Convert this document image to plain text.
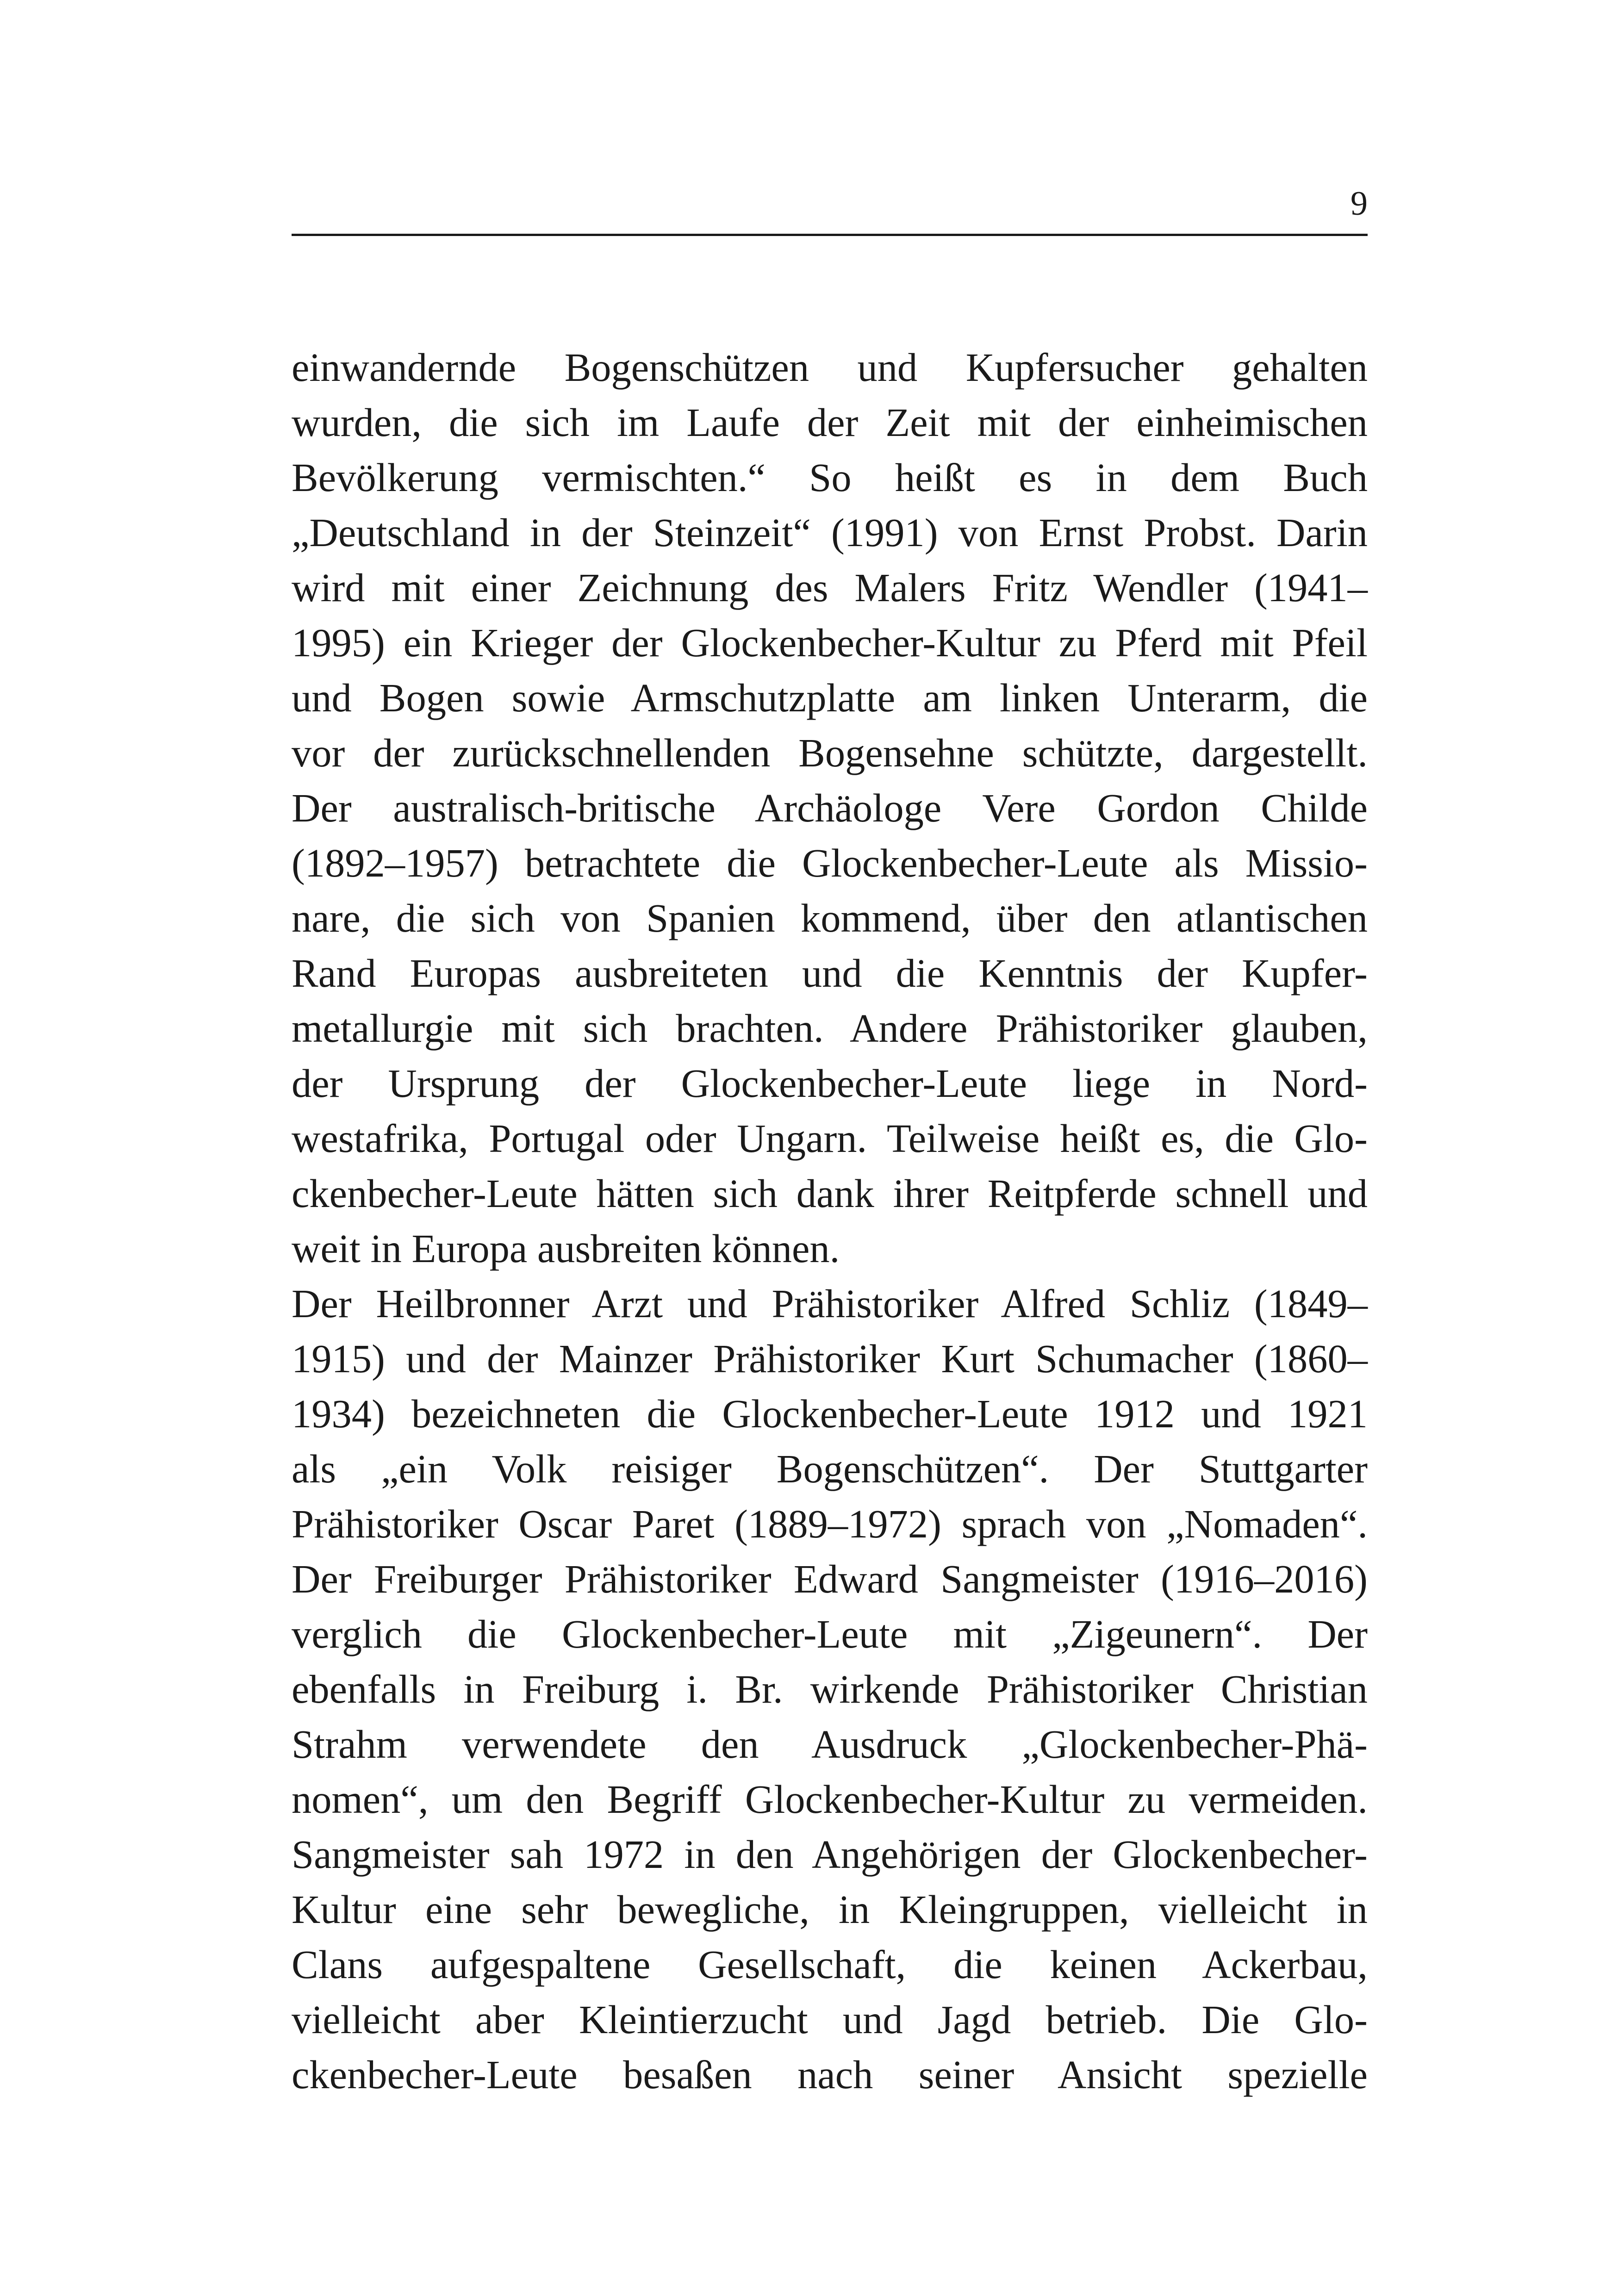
9
einwandernde Bogenschützen und Kupfersucher gehalten
wurden, die sich im Laufe der Zeit mit der einheimischen
Bevölkerung vermischten.“ So heißt es in dem Buch
„Deutschland in der Steinzeit“ (1991) von Ernst Probst. Darin
wird mit einer Zeichnung des Malers Fritz Wendler (1941–
1995) ein Krieger der Glockenbecher-Kultur zu Pferd mit Pfeil
und Bogen sowie Armschutzplatte am linken Unterarm, die
vor der zurückschnellenden Bogensehne schützte, dargestellt.
Der australisch-britische Archäologe Vere Gordon Childe
(1892–1957) betrachtete die Glockenbecher-Leute als Missio-
nare, die sich von Spanien kommend, über den atlantischen
Rand Europas ausbreiteten und die Kenntnis der Kupfer-
metallurgie mit sich brachten. Andere Prähistoriker glauben,
der Ursprung der Glockenbecher-Leute liege in Nord-
westafrika, Portugal oder Ungarn. Teilweise heißt es, die Glo-
ckenbecher-Leute hätten sich dank ihrer Reitpferde schnell und
weit in Europa ausbreiten können.
Der Heilbronner Arzt und Prähistoriker Alfred Schliz (1849–
1915) und der Mainzer Prähistoriker Kurt Schumacher (1860–
1934) bezeichneten die Glockenbecher-Leute 1912 und 1921
als „ein Volk reisiger Bogenschützen“. Der Stuttgarter
Prähistoriker Oscar Paret (1889–1972) sprach von „Nomaden“.
Der Freiburger Prähistoriker Edward Sangmeister (1916–2016)
verglich die Glockenbecher-Leute mit „Zigeunern“. Der
ebenfalls in Freiburg i. Br. wirkende Prähistoriker Christian
Strahm verwendete den Ausdruck „Glockenbecher-Phä-
nomen“, um den Begriff Glockenbecher-Kultur zu vermeiden.
Sangmeister sah 1972 in den Angehörigen der Glockenbecher-
Kultur eine sehr bewegliche, in Kleingruppen, vielleicht in
Clans aufgespaltene Gesellschaft, die keinen Ackerbau,
vielleicht aber Kleintierzucht und Jagd betrieb. Die Glo-
ckenbecher-Leute besaßen nach seiner Ansicht spezielle
